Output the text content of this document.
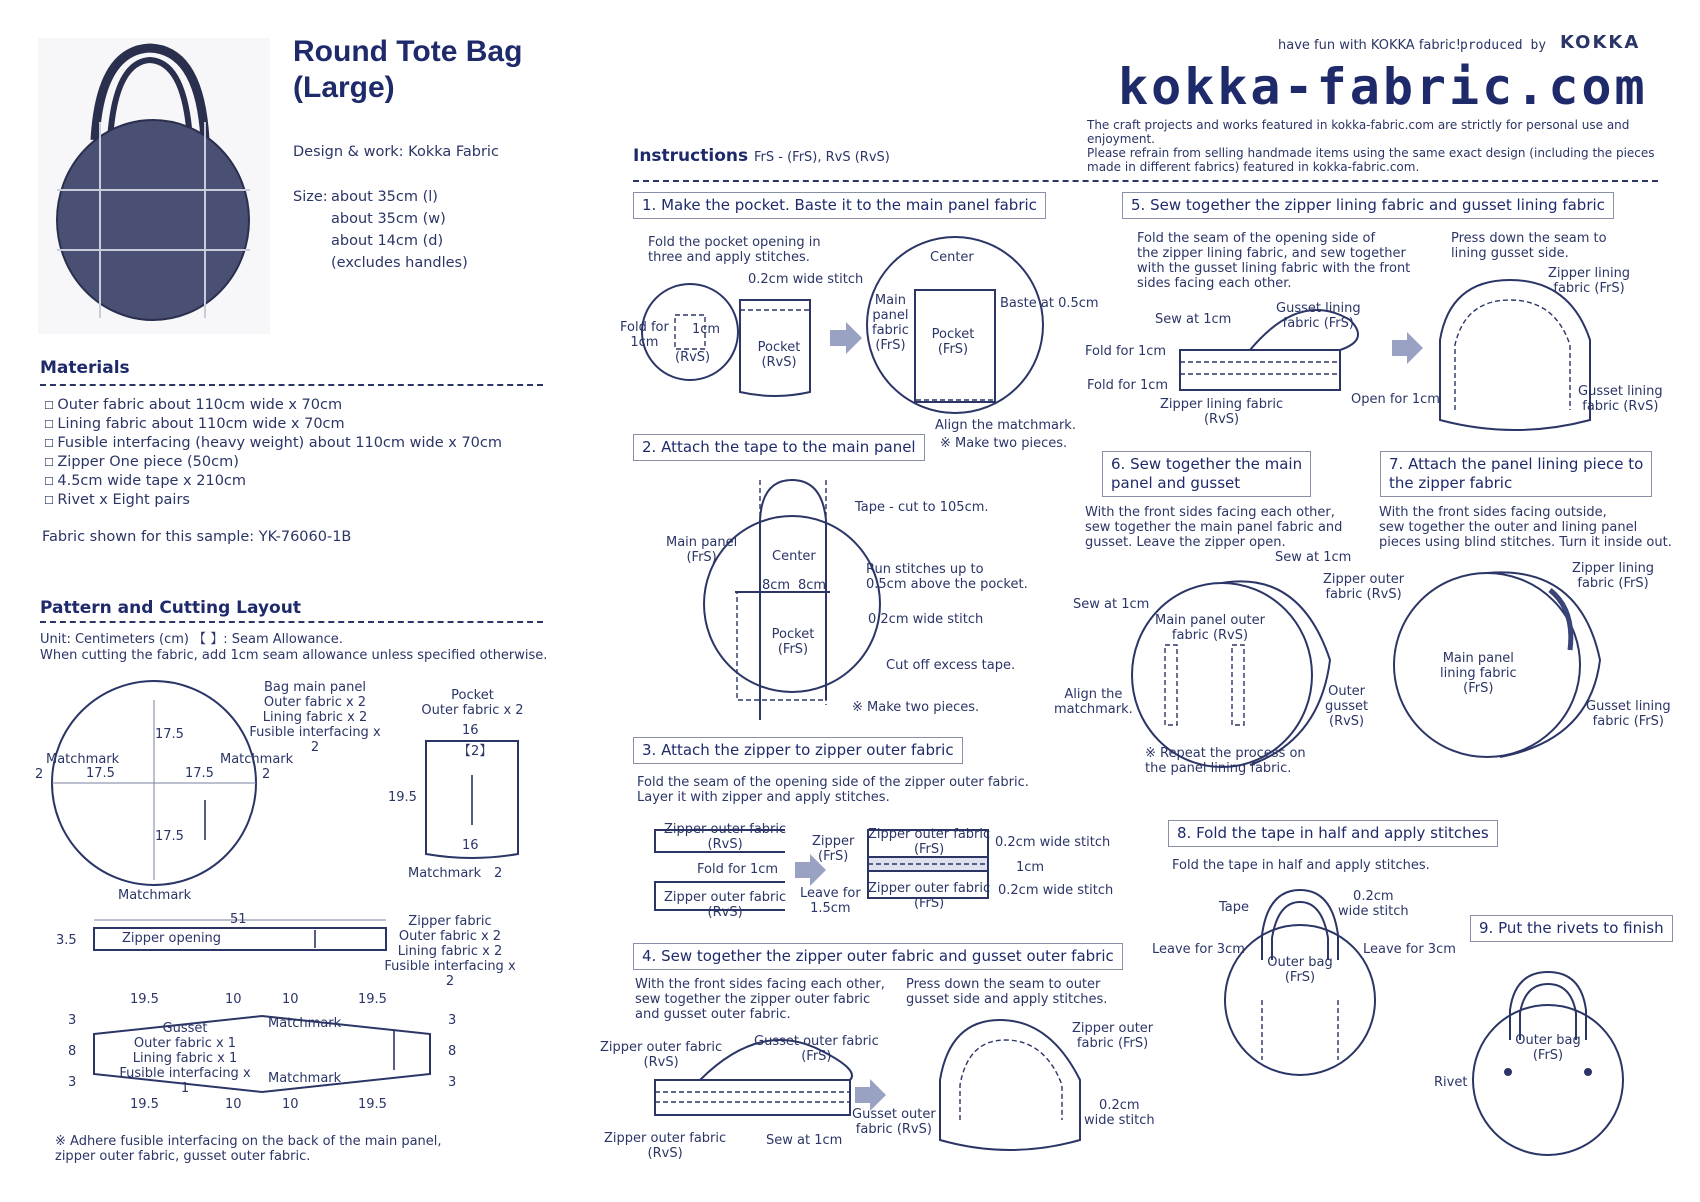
Round Tote Bag
(Large)
Design & work: Kokka Fabric
Size: about 35cm (l)
about 35cm (w)
about 14cm (d)
(excludes handles)
have fun with KOKKA fabric! produced by KOKKA
kokka-fabric.com
The craft projects and works featured in kokka-fabric.com are strictly for personal use and enjoyment.
Please refrain from selling handmade items using the same exact design (including the pieces
made in different fabrics) featured in kokka-fabric.com.
Materials
☐ Outer fabric about 110cm wide x 70cm
☐ Lining fabric about 110cm wide x 70cm
☐ Fusible interfacing (heavy weight) about 110cm wide x 70cm
☐ Zipper One piece (50cm)
☐ 4.5cm wide tape x 210cm
☐ Rivet x Eight pairs
Fabric shown for this sample: YK-76060-1B
Pattern and Cutting Layout
Unit: Centimeters (cm) 【 】: Seam Allowance.
When cutting the fabric, add 1cm seam allowance unless specified otherwise.
Bag main panel
Outer fabric x 2
Lining fabric x 2
Fusible interfacing x 2
17.5
17.5	17.5
17.5
Matchmark	Matchmark
Matchmark
2	2
Pocket
Outer fabric x 2
16
【2】
19.5
16
Matchmark 2
51
3.5	Zipper opening
Zipper fabric
Outer fabric x 2
Lining fabric x 2
Fusible interfacing x 2
19.5	10	10	19.5
Matchmark
Matchmark
Gusset
Outer fabric x 1
Lining fabric x 1
Fusible interfacing x 1
3
8
3
3
8
3
19.5	10	10	19.5
※ Adhere fusible interfacing on the back of the main panel,
zipper outer fabric, gusset outer fabric.
Instructions FrS - (FrS), RvS (RvS)
1. Make the pocket. Baste it to the main panel fabric
Fold the pocket opening in
three and apply stitches.
0.2cm wide stitch
Fold for
1cm
1cm
(RvS)
Pocket
(RvS)
Center
Main
panel
fabric
(FrS)
Pocket
(FrS)
Baste at 0.5cm
Align the matchmark.
※ Make two pieces.
2. Attach the tape to the main panel
Tape - cut to 105cm.
Main panel
(FrS)	Center
8cm 8cm
Run stitches up to
0.5cm above the pocket.
Pocket
(FrS)
0.2cm wide stitch
Cut off excess tape.
※ Make two pieces.
3. Attach the zipper to zipper outer fabric
Fold the seam of the opening side of the zipper outer fabric.
Layer it with zipper and apply stitches.
Zipper outer fabric
(RvS)
Fold for 1cm
Zipper outer fabric
(RvS)
Zipper
(FrS)
Leave for
1.5cm
Zipper outer fabric
(FrS)
Zipper outer fabric
(FrS)
0.2cm wide stitch
1cm
0.2cm wide stitch
4. Sew together the zipper outer fabric and gusset outer fabric
With the front sides facing each other,
sew together the zipper outer fabric
and gusset outer fabric.
Press down the seam to outer
gusset side and apply stitches.
Zipper outer fabric
(RvS)
Gusset outer fabric
(FrS)
Zipper outer fabric
(RvS)
Sew at 1cm
Zipper outer
fabric (FrS)
Gusset outer
fabric (RvS)
0.2cm
wide stitch
5. Sew together the zipper lining fabric and gusset lining fabric
Fold the seam of the opening side of
the zipper lining fabric, and sew together
with the gusset lining fabric with the front
sides facing each other.
Press down the seam to
lining gusset side.
Sew at 1cm
Gusset lining
fabric (FrS)
Fold for 1cm
Fold for 1cm
Zipper lining fabric
(RvS)
Open for 1cm
Zipper lining
fabric (FrS)
Gusset lining
fabric (RvS)
6. Sew together the main
panel and gusset
With the front sides facing each other,
sew together the main panel fabric and
gusset. Leave the zipper open.
Sew at 1cm
Sew at 1cm
Zipper outer
fabric (RvS)
Main panel outer
fabric (RvS)
Align the
matchmark.
Outer
gusset
(RvS)
※ Repeat the process on
the panel lining fabric.
7. Attach the panel lining piece to
the zipper fabric
With the front sides facing outside,
sew together the outer and lining panel
pieces using blind stitches. Turn it inside out.
Zipper lining
fabric (FrS)
Main panel
lining fabric
(FrS)
Gusset lining
fabric (FrS)
8. Fold the tape in half and apply stitches
Fold the tape in half and apply stitches.
Tape
0.2cm
wide stitch
Leave for 3cm	Leave for 3cm
Outer bag
(FrS)
9. Put the rivets to finish
Outer bag
(FrS)
Rivet
